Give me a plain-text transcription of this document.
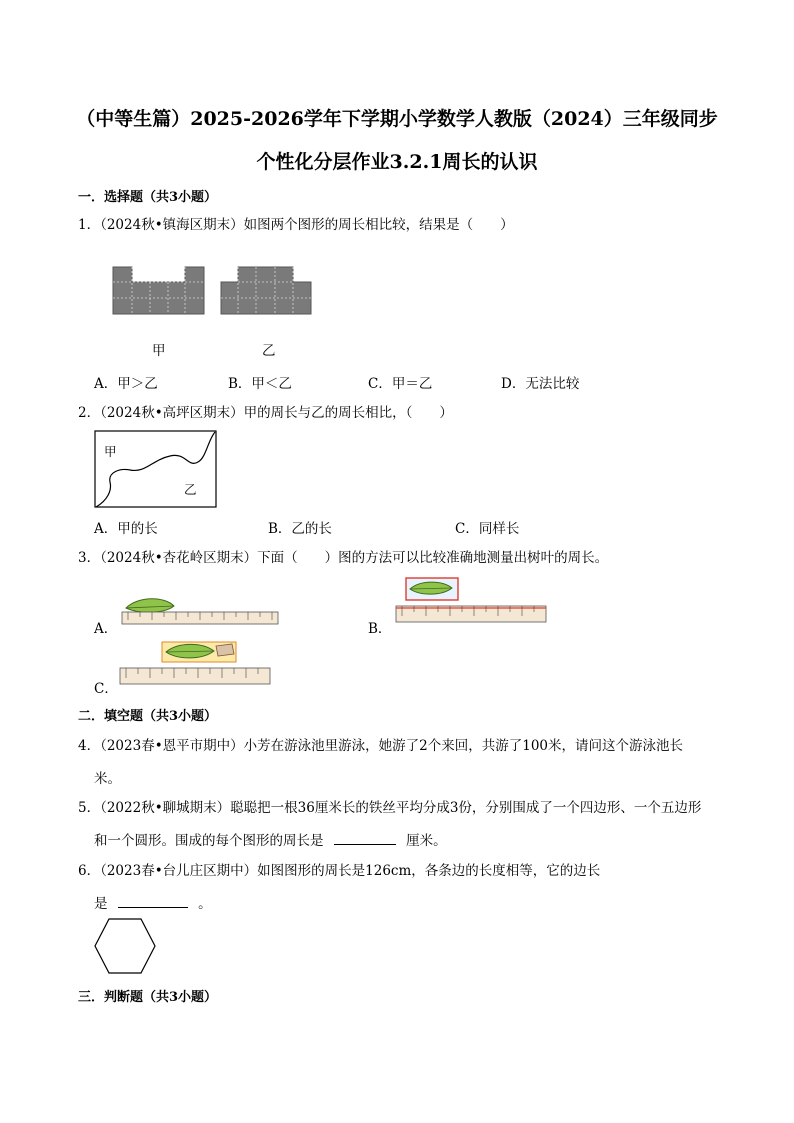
（中等生篇）2025-2026学年下学期小学数学人教版（2024）三年级同步
个性化分层作业3.2.1周长的认识
一．选择题（共3小题）
1．（2024秋•镇海区期末）如图两个图形的周长相比较，结果是（　　）
甲	乙
A．甲＞乙	B．甲＜乙	C．甲＝乙	D．无法比较
2．（2024秋•高坪区期末）甲的周长与乙的周长相比，（　　）
甲
乙
A．甲的长	B．乙的长	C．同样长
3．（2024秋•杏花岭区期末）下面（　　）图的方法可以比较准确地测量出树叶的周长。
A．	B．
C．
二．填空题（共3小题）
4．（2023春•恩平市期中）小芳在游泳池里游泳，她游了2个来回，共游了100米，请问这个游泳池长
米。
5．（2022秋•聊城期末）聪聪把一根36厘米长的铁丝平均分成3份，分别围成了一个四边形、一个五边形
和一个圆形。围成的每个图形的周长是	厘米。
6．（2023春•台儿庄区期中）如图图形的周长是126cm，各条边的长度相等，它的边长
是	。
三．判断题（共3小题）
